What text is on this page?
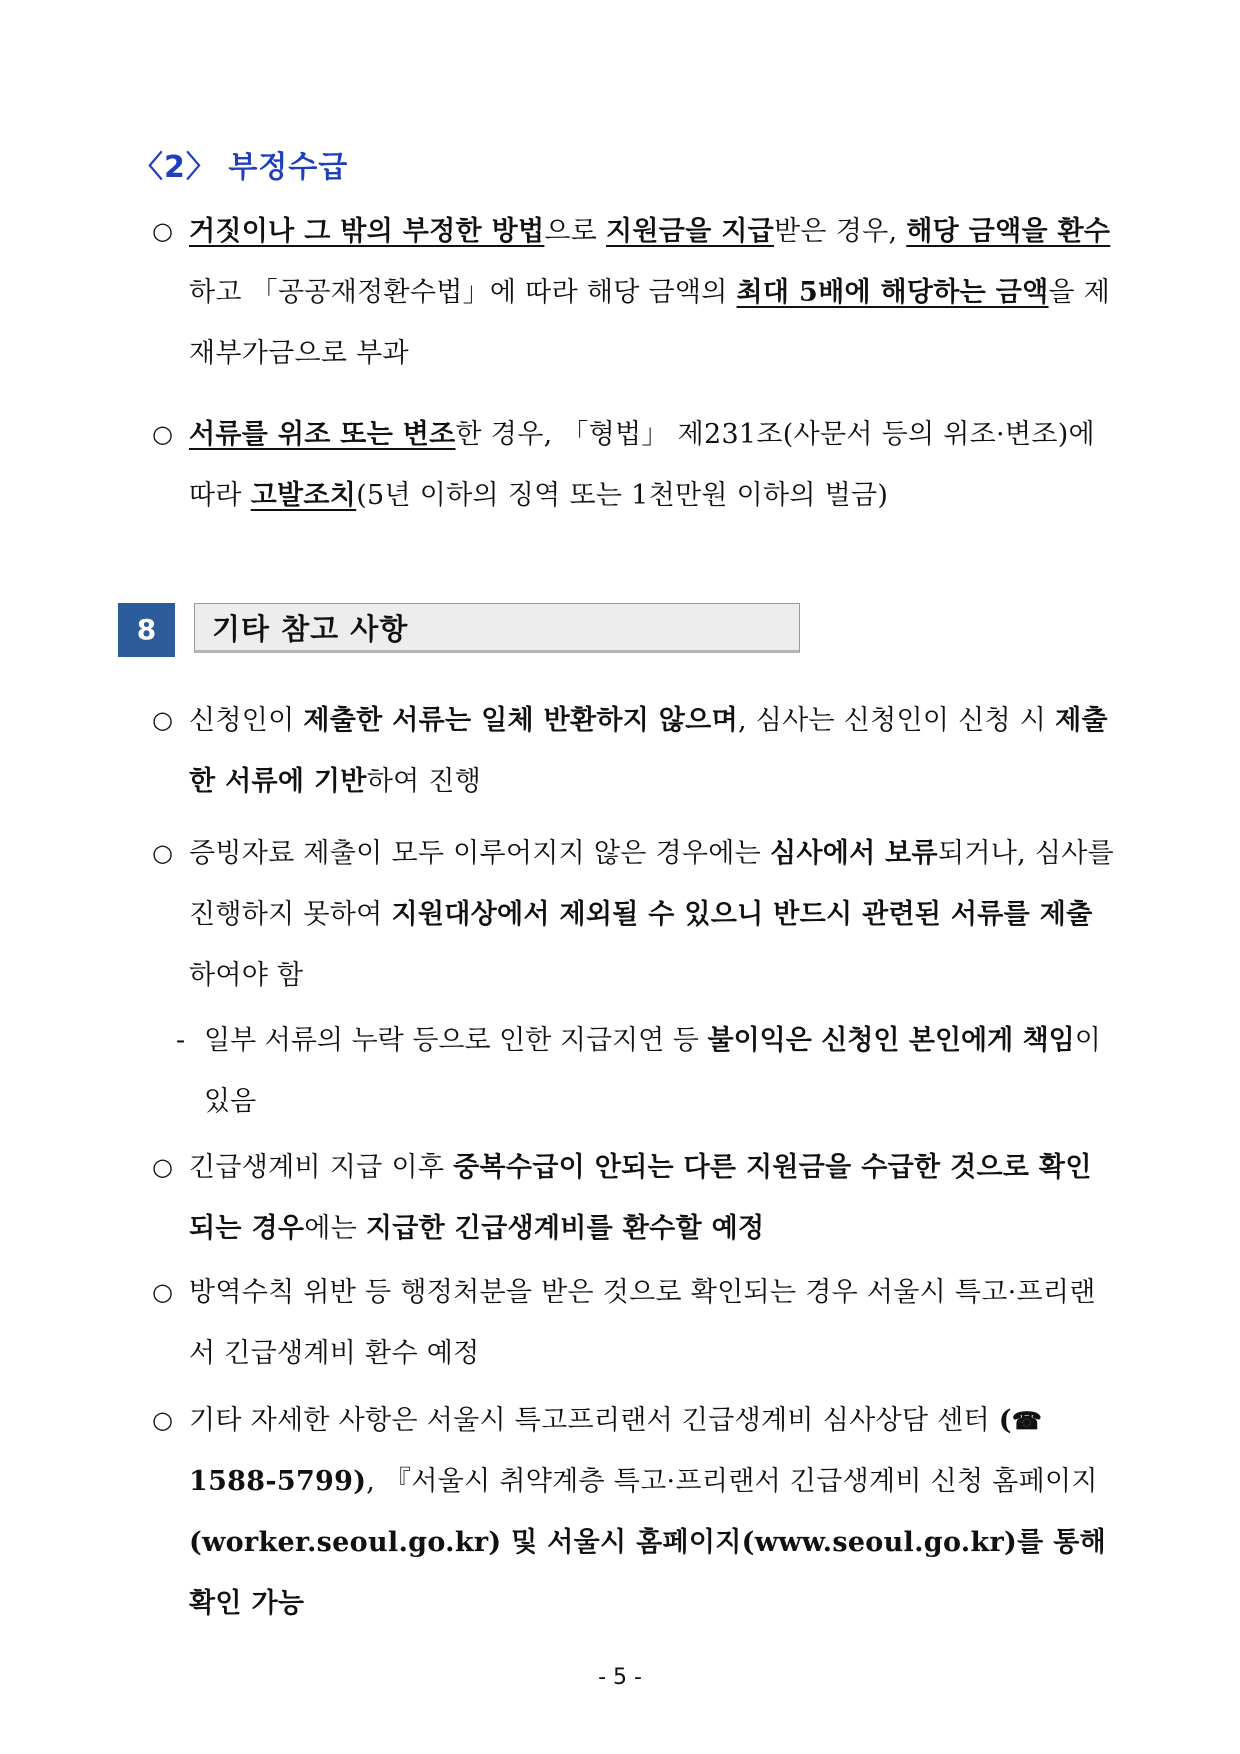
〈2〉 부정수급
○ 거짓이나 그 밖의 부정한 방법으로 지원금을 지급받은 경우, 해당 금액을 환수하고 「공공재정환수법」에 따라 해당 금액의 최대 5배에 해당하는 금액을 제재부가금으로 부과
○ 서류를 위조 또는 변조한 경우, 「형법」 제231조(사문서 등의 위조·변조)에 따라 고발조치(5년 이하의 징역 또는 1천만원 이하의 벌금)
8	기타 참고 사항
○ 신청인이 제출한 서류는 일체 반환하지 않으며, 심사는 신청인이 신청 시 제출한 서류에 기반하여 진행
○ 증빙자료 제출이 모두 이루어지지 않은 경우에는 심사에서 보류되거나, 심사를 진행하지 못하여 지원대상에서 제외될 수 있으니 반드시 관련된 서류를 제출하여야 함
- 일부 서류의 누락 등으로 인한 지급지연 등 불이익은 신청인 본인에게 책임이 있음
○ 긴급생계비 지급 이후 중복수급이 안되는 다른 지원금을 수급한 것으로 확인되는 경우에는 지급한 긴급생계비를 환수할 예정
○ 방역수칙 위반 등 행정처분을 받은 것으로 확인되는 경우 서울시 특고·프리랜서 긴급생계비 환수 예정
○ 기타 자세한 사항은 서울시 특고프리랜서 긴급생계비 심사상담 센터 (☎ 1588-5799), 『서울시 취약계층 특고·프리랜서 긴급생계비 신청 홈페이지 (worker.seoul.go.kr) 및 서울시 홈페이지(www.seoul.go.kr)를 통해 확인 가능
- 5 -
